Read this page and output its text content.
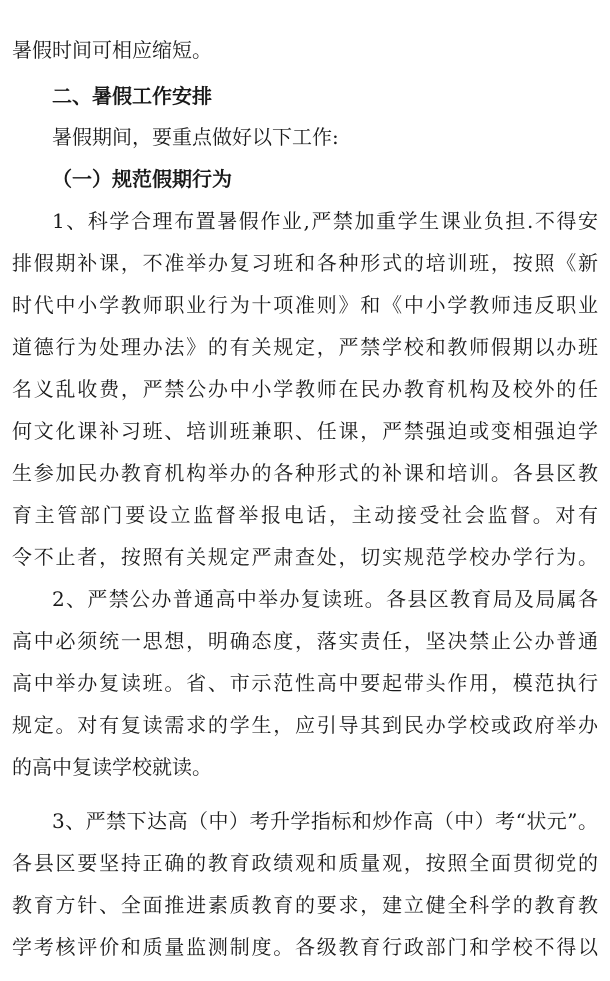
暑假时间可相应缩短。
二、暑假工作安排
暑假期间，要重点做好以下工作:
（一）规范假期行为
1、科学合理布置暑假作业,严禁加重学生课业负担.不得安
排假期补课，不准举办复习班和各种形式的培训班，按照《新
时代中小学教师职业行为十项准则》和《中小学教师违反职业
道德行为处理办法》的有关规定，严禁学校和教师假期以办班
名义乱收费，严禁公办中小学教师在民办教育机构及校外的任
何文化课补习班、培训班兼职、任课，严禁强迫或变相强迫学
生参加民办教育机构举办的各种形式的补课和培训。各县区教
育主管部门要设立监督举报电话，主动接受社会监督。对有
令不止者，按照有关规定严肃查处，切实规范学校办学行为。
2、严禁公办普通高中举办复读班。各县区教育局及局属各
高中必须统一思想，明确态度，落实责任，坚决禁止公办普通
高中举办复读班。省、市示范性高中要起带头作用，模范执行
规定。对有复读需求的学生，应引导其到民办学校或政府举办
的高中复读学校就读。
3、严禁下达高（中）考升学指标和炒作高（中）考“状元”。
各县区要坚持正确的教育政绩观和质量观，按照全面贯彻党的
教育方针、全面推进素质教育的要求，建立健全科学的教育教
学考核评价和质量监测制度。各级教育行政部门和学校不得以
